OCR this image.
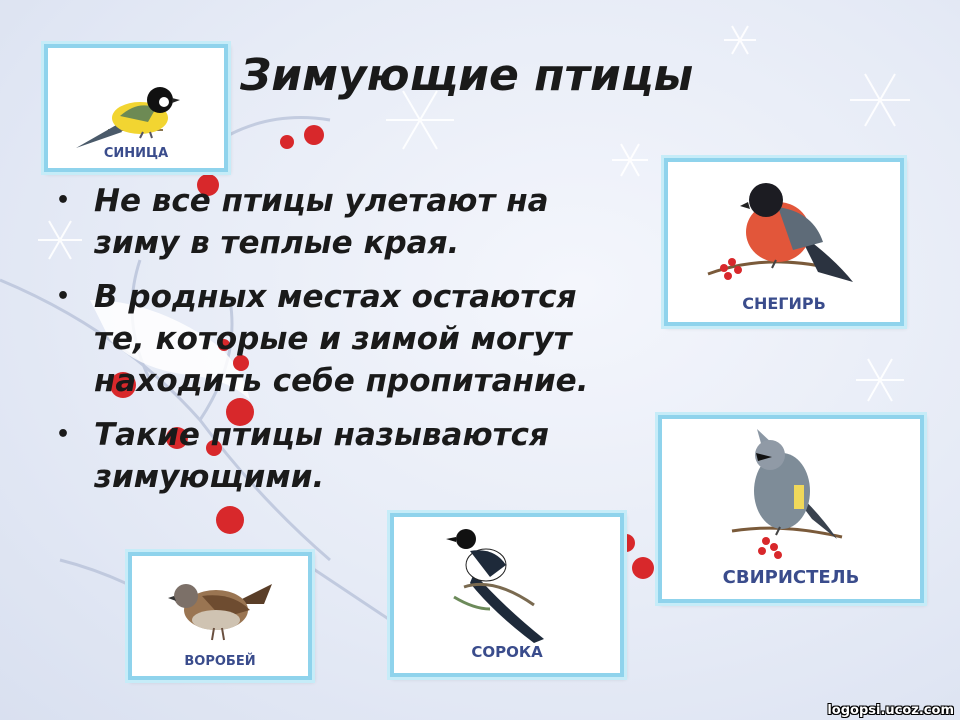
Зимующие птицы
• Не все птицы улетают на зиму в теплые края.
• В родных местах остаются те, которые и зимой могут находить себе пропитание.
• Такие птицы называются зимующими.
СИНИЦА
СНЕГИРЬ
СВИРИСТЕЛЬ
ВОРОБЕЙ
СОРОКА
logopsi.ucoz.com
